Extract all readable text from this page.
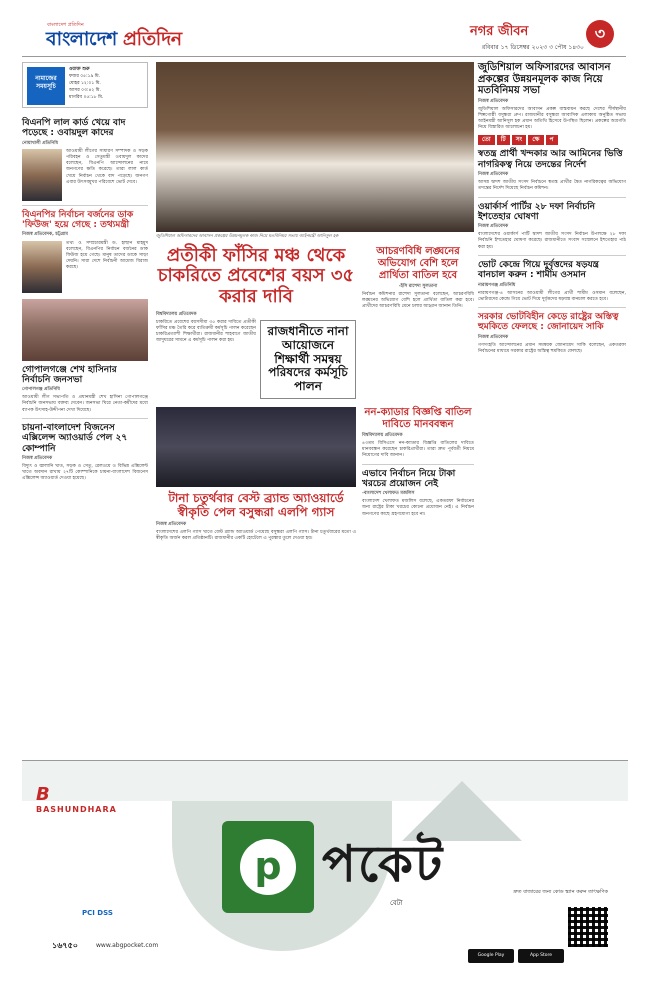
বাংলাদেশ প্রতিদিন
বাংলাদেশ প্রতিদিন	নগর জীবন	৩
রবিবার ১৭ ডিসেম্বর ২০২৩ ৩ পৌষ ১৪৩০
নামাজের সময়সূচি
ওয়াক্ত শুরু
ফজর ০৫:১৯ মি.
যোহর ১২:০১ মি.
আসর ০৩:৪২ মি.
মাগরিব ০৫:১৮ মি.
বিএনপি লাল কার্ড খেয়ে বাদ পড়েছে : ওবায়দুল কাদের
নোয়াখালী প্রতিনিধি

আওয়ামী লীগের সাধারণ সম্পাদক ও সড়ক পরিবহন ও সেতুমন্ত্রী ওবায়দুল কাদের বলেছেন, বিএনপি আন্দোলনের নামে জনগণের ক্ষতি করেছে। তারা লাল কার্ড খেয়ে নির্বাচন থেকে বাদ পড়েছে। জনগণ এবার উৎসবমুখর পরিবেশে ভোট দেবে।

বিএনপির নির্বাচন বর্জনের ডাক 'ফিউজ' হয়ে গেছে : তথ্যমন্ত্রী
নিজস্ব প্রতিবেদক, চট্টগ্রাম

তথ্য ও সম্প্রচারমন্ত্রী ড. হাছান মাহমুদ বলেছেন, বিএনপির নির্বাচন বর্জনের ডাক ফিউজ হয়ে গেছে। মানুষ তাদের ডাকে সাড়া দেয়নি। সারা দেশে নির্বাচনী আমেজ বিরাজ করছে।

গোপালগঞ্জে শেখ হাসিনার নির্বাচনি জনসভা
গোপালগঞ্জ প্রতিনিধি

আওয়ামী লীগ সভাপতি ও প্রধানমন্ত্রী শেখ হাসিনা গোপালগঞ্জে নির্বাচনি জনসভায় বক্তব্য দেবেন। জনসভা ঘিরে নেতা-কর্মীদের মধ্যে ব্যাপক উৎসাহ-উদ্দীপনা দেখা দিয়েছে।

চায়না-বাংলাদেশ বিজনেস এক্সিলেন্স অ্যাওয়ার্ড পেল ২৭ কোম্পানি
নিজস্ব প্রতিবেদক

বিদ্যুৎ ও জ্বালানি খাত, সড়ক ও সেতু, রেলওয়ে ও বিভিন্ন এক্সিলেন্ট খাতে অবদান রাখায় ২৭টি কোম্পানিকে চায়না-বাংলাদেশ বিজনেস এক্সিলেন্স অ্যাওয়ার্ড দেওয়া হয়েছে।

জুডিশিয়াল অফিসারদের আবাসন প্রকল্পের উন্নয়নমূলক কাজ নিয়ে মতবিনিময় সভায় আইনমন্ত্রী আনিসুল হক
প্রতীকী ফাঁসির মঞ্চ থেকে চাকরিতে প্রবেশের বয়স ৩৫ করার দাবি
বিশ্ববিদ্যালয় প্রতিবেদক

চাকরিতে প্রবেশের বয়সসীমা ৩৫ করার দাবিতে প্রতীকী ফাঁসির মঞ্চ তৈরি করে ব্যতিক্রমী কর্মসূচি পালন করেছেন চাকরিপ্রত্যাশী শিক্ষার্থীরা। রাজধানীর শাহবাগে জাতীয় জাদুঘরের সামনে এ কর্মসূচি পালন করা হয়।

রাজধানীতে নানা আয়োজনে শিক্ষার্থী সমন্বয় পরিষদের কর্মসূচি পালন
আচরণবিধি লঙ্ঘনের অভিযোগ বেশি হলে প্রার্থিতা বাতিল হবে
-ইসি রাশেদা সুলতানা

নির্বাচন কমিশনার রাশেদা সুলতানা বলেছেন, আচরণবিধি লঙ্ঘনের অভিযোগ বেশি হলে প্রার্থিতা বাতিল করা হবে। প্রার্থীদের আচরণবিধি মেনে চলার আহ্বান জানান তিনি।

টানা চতুর্থবার বেস্ট ব্র্যান্ড অ্যাওয়ার্ডে স্বীকৃতি পেল বসুন্ধরা এলপি গ্যাস
নিজস্ব প্রতিবেদক

বাংলাদেশের এলপি গ্যাস খাতে বেস্ট ব্র্যান্ড অ্যাওয়ার্ড পেয়েছে বসুন্ধরা এলপি গ্যাস। টানা চতুর্থবারের মতো এ স্বীকৃতি অর্জন করল প্রতিষ্ঠানটি। রাজধানীর একটি হোটেলে এ পুরস্কার তুলে দেওয়া হয়।

নন-ক্যাডার বিজ্ঞপ্তি বাতিল দাবিতে মানববন্ধন
বিশ্ববিদ্যালয় প্রতিবেদক

৪৩তম বিসিএসে নন-ক্যাডার বিজ্ঞপ্তি বাতিলের দাবিতে মানববন্ধন করেছেন চাকরিপ্রার্থীরা। তারা দ্রুত পূর্ববর্তী নিয়মে নিয়োগের দাবি জানান।

এভাবে নির্বাচন নিয়ে টাকা খরচের প্রয়োজন নেই
-বাংলাদেশ খেলাফত মজলিস

বাংলাদেশ খেলাফত মজলিস বলেছে, একতরফা নির্বাচনের জন্য রাষ্ট্রের টাকা খরচের কোনো প্রয়োজন নেই। এ নির্বাচন জনগণের কাছে গ্রহণযোগ্য হবে না।

জুডিশিয়াল অফিসারদের আবাসন প্রকল্পের উন্নয়নমূলক কাজ নিয়ে মতবিনিময় সভা
নিজস্ব প্রতিবেদক

জুডিশিয়াল অফিসারদের আবাসন প্রকল্প বাস্তবায়ন করছে দেশের শীর্ষস্থানীয় শিল্পগোষ্ঠী বসুন্ধরা গ্রুপ। রাজধানীর বসুন্ধরা আবাসিক এলাকায় অনুষ্ঠিত সভায় আইনমন্ত্রী আনিসুল হক প্রধান অতিথি হিসেবে উপস্থিত ছিলেন। প্রকল্পের অগ্রগতি নিয়ে বিস্তারিত আলোচনা হয়।

তো	টি	সং	ক্ষে	প
স্বতন্ত্র প্রার্থী খন্দকার আর আমিনের ভিত্তি নাগরিকত্ব নিয়ে তদন্তের নির্দেশ
নিজস্ব প্রতিবেদক

আসন্ন দ্বাদশ জাতীয় সংসদ নির্বাচনে স্বতন্ত্র প্রার্থীর দ্বৈত নাগরিকত্বের অভিযোগ তদন্তের নির্দেশ দিয়েছে নির্বাচন কমিশন।

ওয়ার্কার্স পার্টির ২৮ দফা নির্বাচনি ইশতেহার ঘোষণা
নিজস্ব প্রতিবেদক

বাংলাদেশের ওয়ার্কার্স পার্টি দ্বাদশ জাতীয় সংসদ নির্বাচন উপলক্ষে ২৮ দফা নির্বাচনি ইশতেহার ঘোষণা করেছে। রাজধানীতে সংবাদ সম্মেলনে ইশতেহার পাঠ করা হয়।

ভোট কেন্দ্রে গিয়ে দুর্বৃত্তদের ষড়যন্ত্র বানচাল করুন : শামীম ওসমান
নারায়ণগঞ্জ প্রতিনিধি

নারায়ণগঞ্জ-৪ আসনের আওয়ামী লীগের প্রার্থী শামীম ওসমান বলেছেন, ভোটারদের কেন্দ্রে গিয়ে ভোট দিয়ে দুর্বৃত্তদের ষড়যন্ত্র বানচাল করতে হবে।

সরকার ভোটবিহীন কেড়ে রাষ্ট্রের অস্তিত্ব হুমকিতে ফেলছে : জোনায়েদ সাকি
নিজস্ব প্রতিবেদক

গণসংহতি আন্দোলনের প্রধান সমন্বয়ক জোনায়েদ সাকি বলেছেন, একতরফা নির্বাচনের মাধ্যমে সরকার রাষ্ট্রের অস্তিত্ব হুমকিতে ফেলছে।

B
BASHUNDHARA
p পকেট
বেটা
PCI DSS
১৬৭৫০	www.abgpocket.com
দ্রুত বাজারের জন্য কোড স্ক্যান করুন তাৎক্ষণিক
Google Play	App Store
